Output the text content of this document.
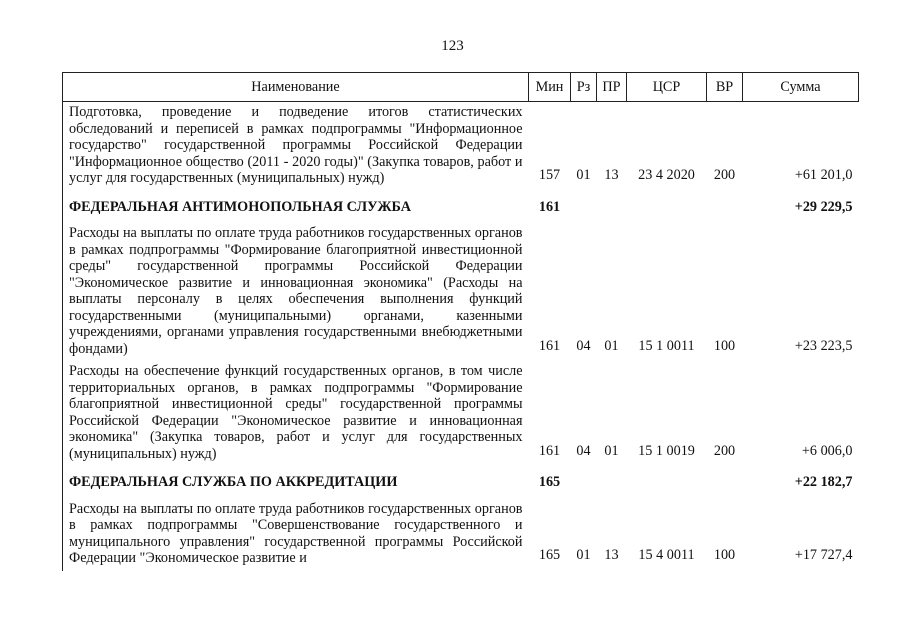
123
Наименование	Мин	Рз	ПР	ЦСР	ВР	Сумма
Подготовка, проведение и подведение итогов статистических обследований и переписей в рамках подпрограммы "Информационное государство" государственной программы Российской Федерации "Информационное общество (2011 - 2020 годы)" (Закупка товаров, работ и услуг для государственных (муниципальных) нужд)	157	01	13	23 4 2020	200	+61 201,0
ФЕДЕРАЛЬНАЯ АНТИМОНОПОЛЬНАЯ СЛУЖБА	161					+29 229,5
Расходы на выплаты по оплате труда работников государственных органов в рамках подпрограммы "Формирование благоприятной инвестиционной среды" государственной программы Российской Федерации "Экономическое развитие и инновационная экономика" (Расходы на выплаты персоналу в целях обеспечения выполнения функций государственными (муниципальными) органами, казенными учреждениями, органами управления государственными внебюджетными фондами)	161	04	01	15 1 0011	100	+23 223,5
Расходы на обеспечение функций государственных органов, в том числе территориальных органов, в рамках подпрограммы "Формирование благоприятной инвестиционной среды" государственной программы Российской Федерации "Экономическое развитие и инновационная экономика" (Закупка товаров, работ и услуг для государственных (муниципальных) нужд)	161	04	01	15 1 0019	200	+6 006,0
ФЕДЕРАЛЬНАЯ СЛУЖБА ПО АККРЕДИТАЦИИ	165					+22 182,7
Расходы на выплаты по оплате труда работников государственных органов в рамках подпрограммы "Совершенствование государственного и муниципального управления" государственной программы Российской Федерации "Экономическое развитие и	165	01	13	15 4 0011	100	+17 727,4
